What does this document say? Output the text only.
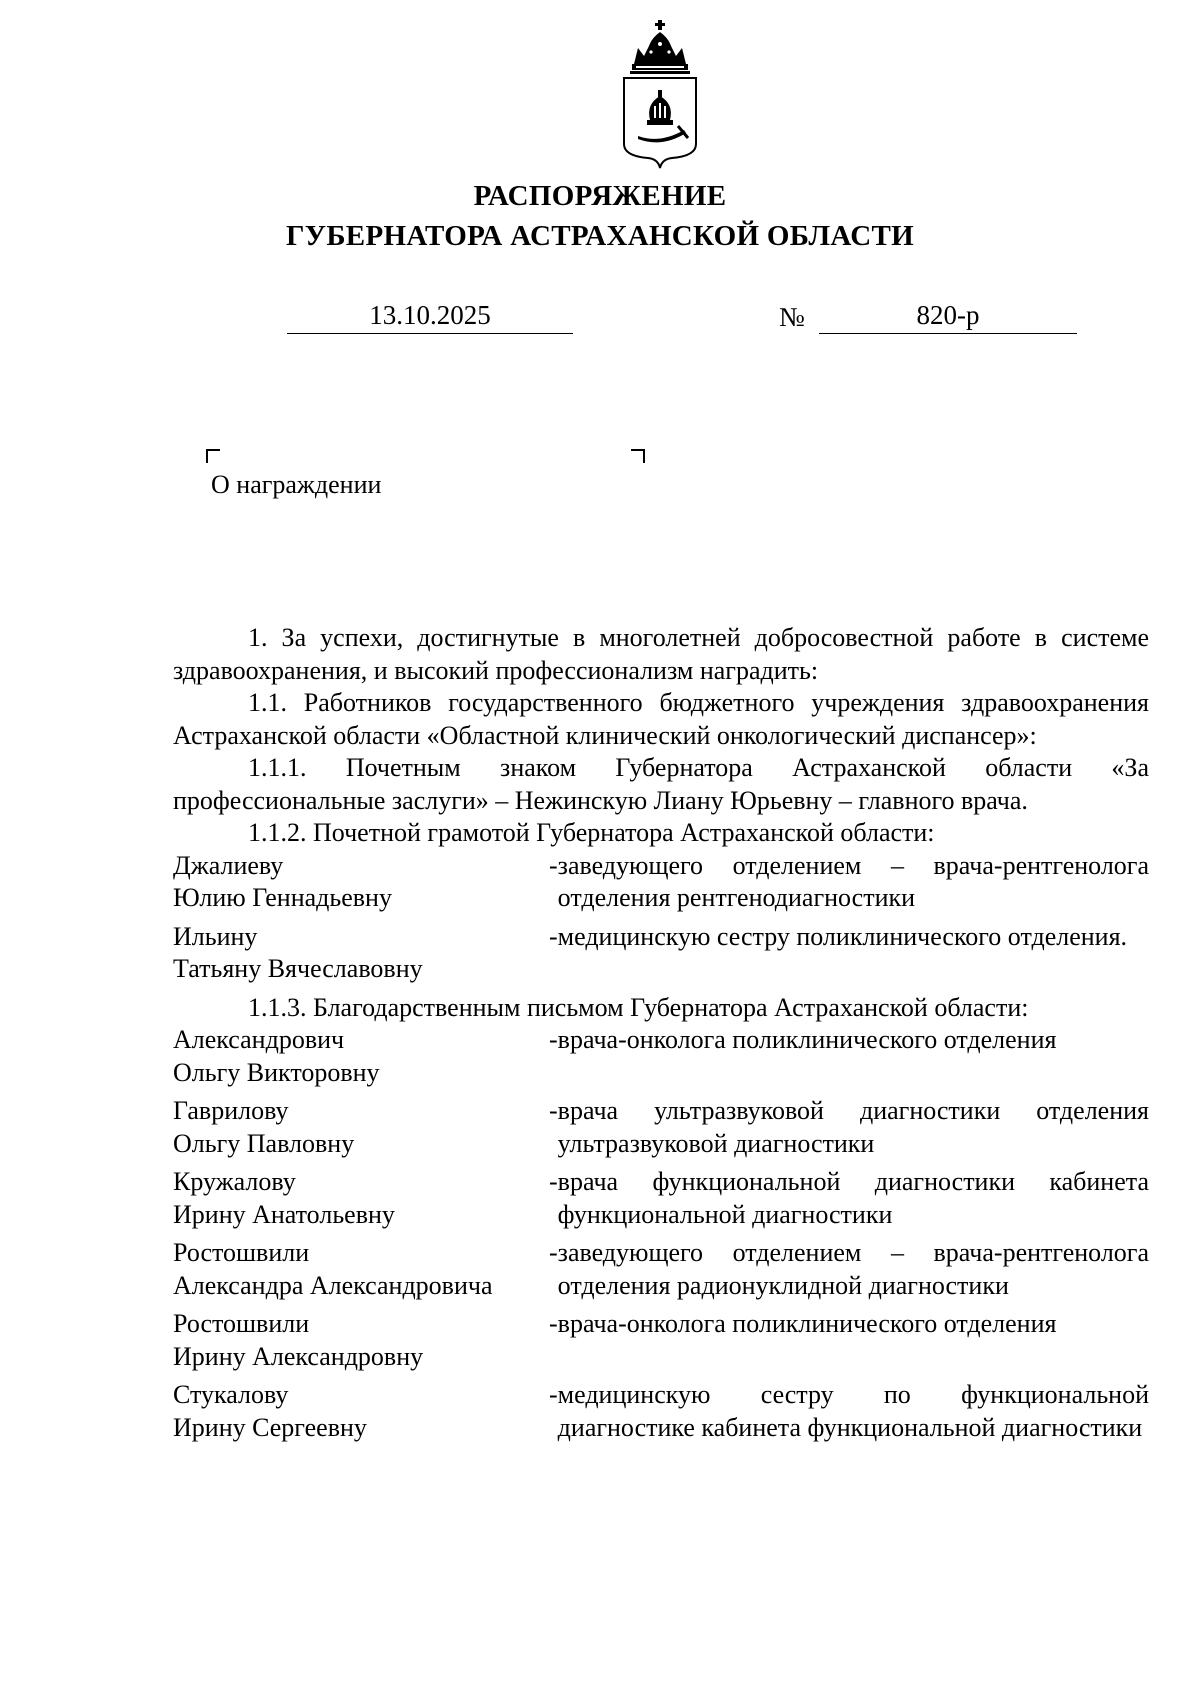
РАСПОРЯЖЕНИЕ
ГУБЕРНАТОРА АСТРАХАНСКОЙ ОБЛАСТИ
13.10.2025	№	820-р
О награждении

1. За успехи, достигнутые в многолетней добросовестной работе в системе здравоохранения, и высокий профессионализм наградить:

1.1. Работников государственного бюджетного учреждения здравоохранения Астраханской области «Областной клинический онкологический диспансер»:

1.1.1. Почетным знаком Губернатора Астраханской области «За профессиональные заслуги» – Нежинскую Лиану Юрьевну – главного врача.

1.1.2. Почетной грамотой Губернатора Астраханской области:

Джалиеву
Юлию Геннадьевну
- заведующего отделением – врача-рентгенолога отделения рентгенодиагностики
Ильину
Татьяну Вячеславовну
- медицинскую сестру поликлинического отделения.

1.1.3. Благодарственным письмом Губернатора Астраханской области:

Александрович
Ольгу Викторовну
- врача-онколога поликлинического отделения
Гаврилову
Ольгу Павловну
- врача ультразвуковой диагностики отделения ультразвуковой диагностики
Кружалову
Ирину Анатольевну
- врача функциональной диагностики кабинета функциональной диагностики
Ростошвили
Александра Александровича
- заведующего отделением – врача-рентгенолога отделения радионуклидной диагностики
Ростошвили
Ирину Александровну
- врача-онколога поликлинического отделения
Стукалову
Ирину Сергеевну
- медицинскую сестру по функциональной диагностике кабинета функциональной диагностики
